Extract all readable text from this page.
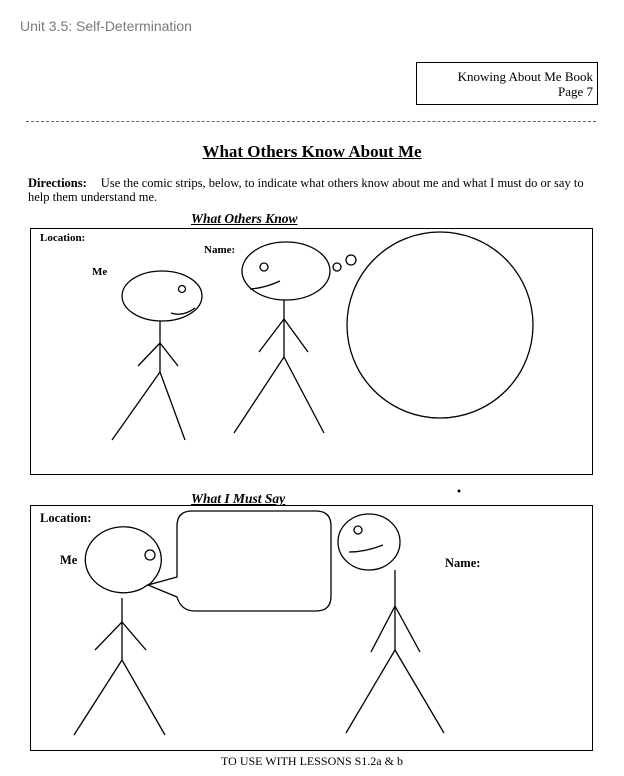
Unit 3.5: Self-Determination
Knowing About Me Book
Page 7
What Others Know About Me
Directions: Use the comic strips, below, to indicate what others know about me and what I must do or say to help them understand me.
What Others Know
Location:
Name:
Me
What I Must Say
Location:
Me	Name:
TO USE WITH LESSONS S1.2a & b
